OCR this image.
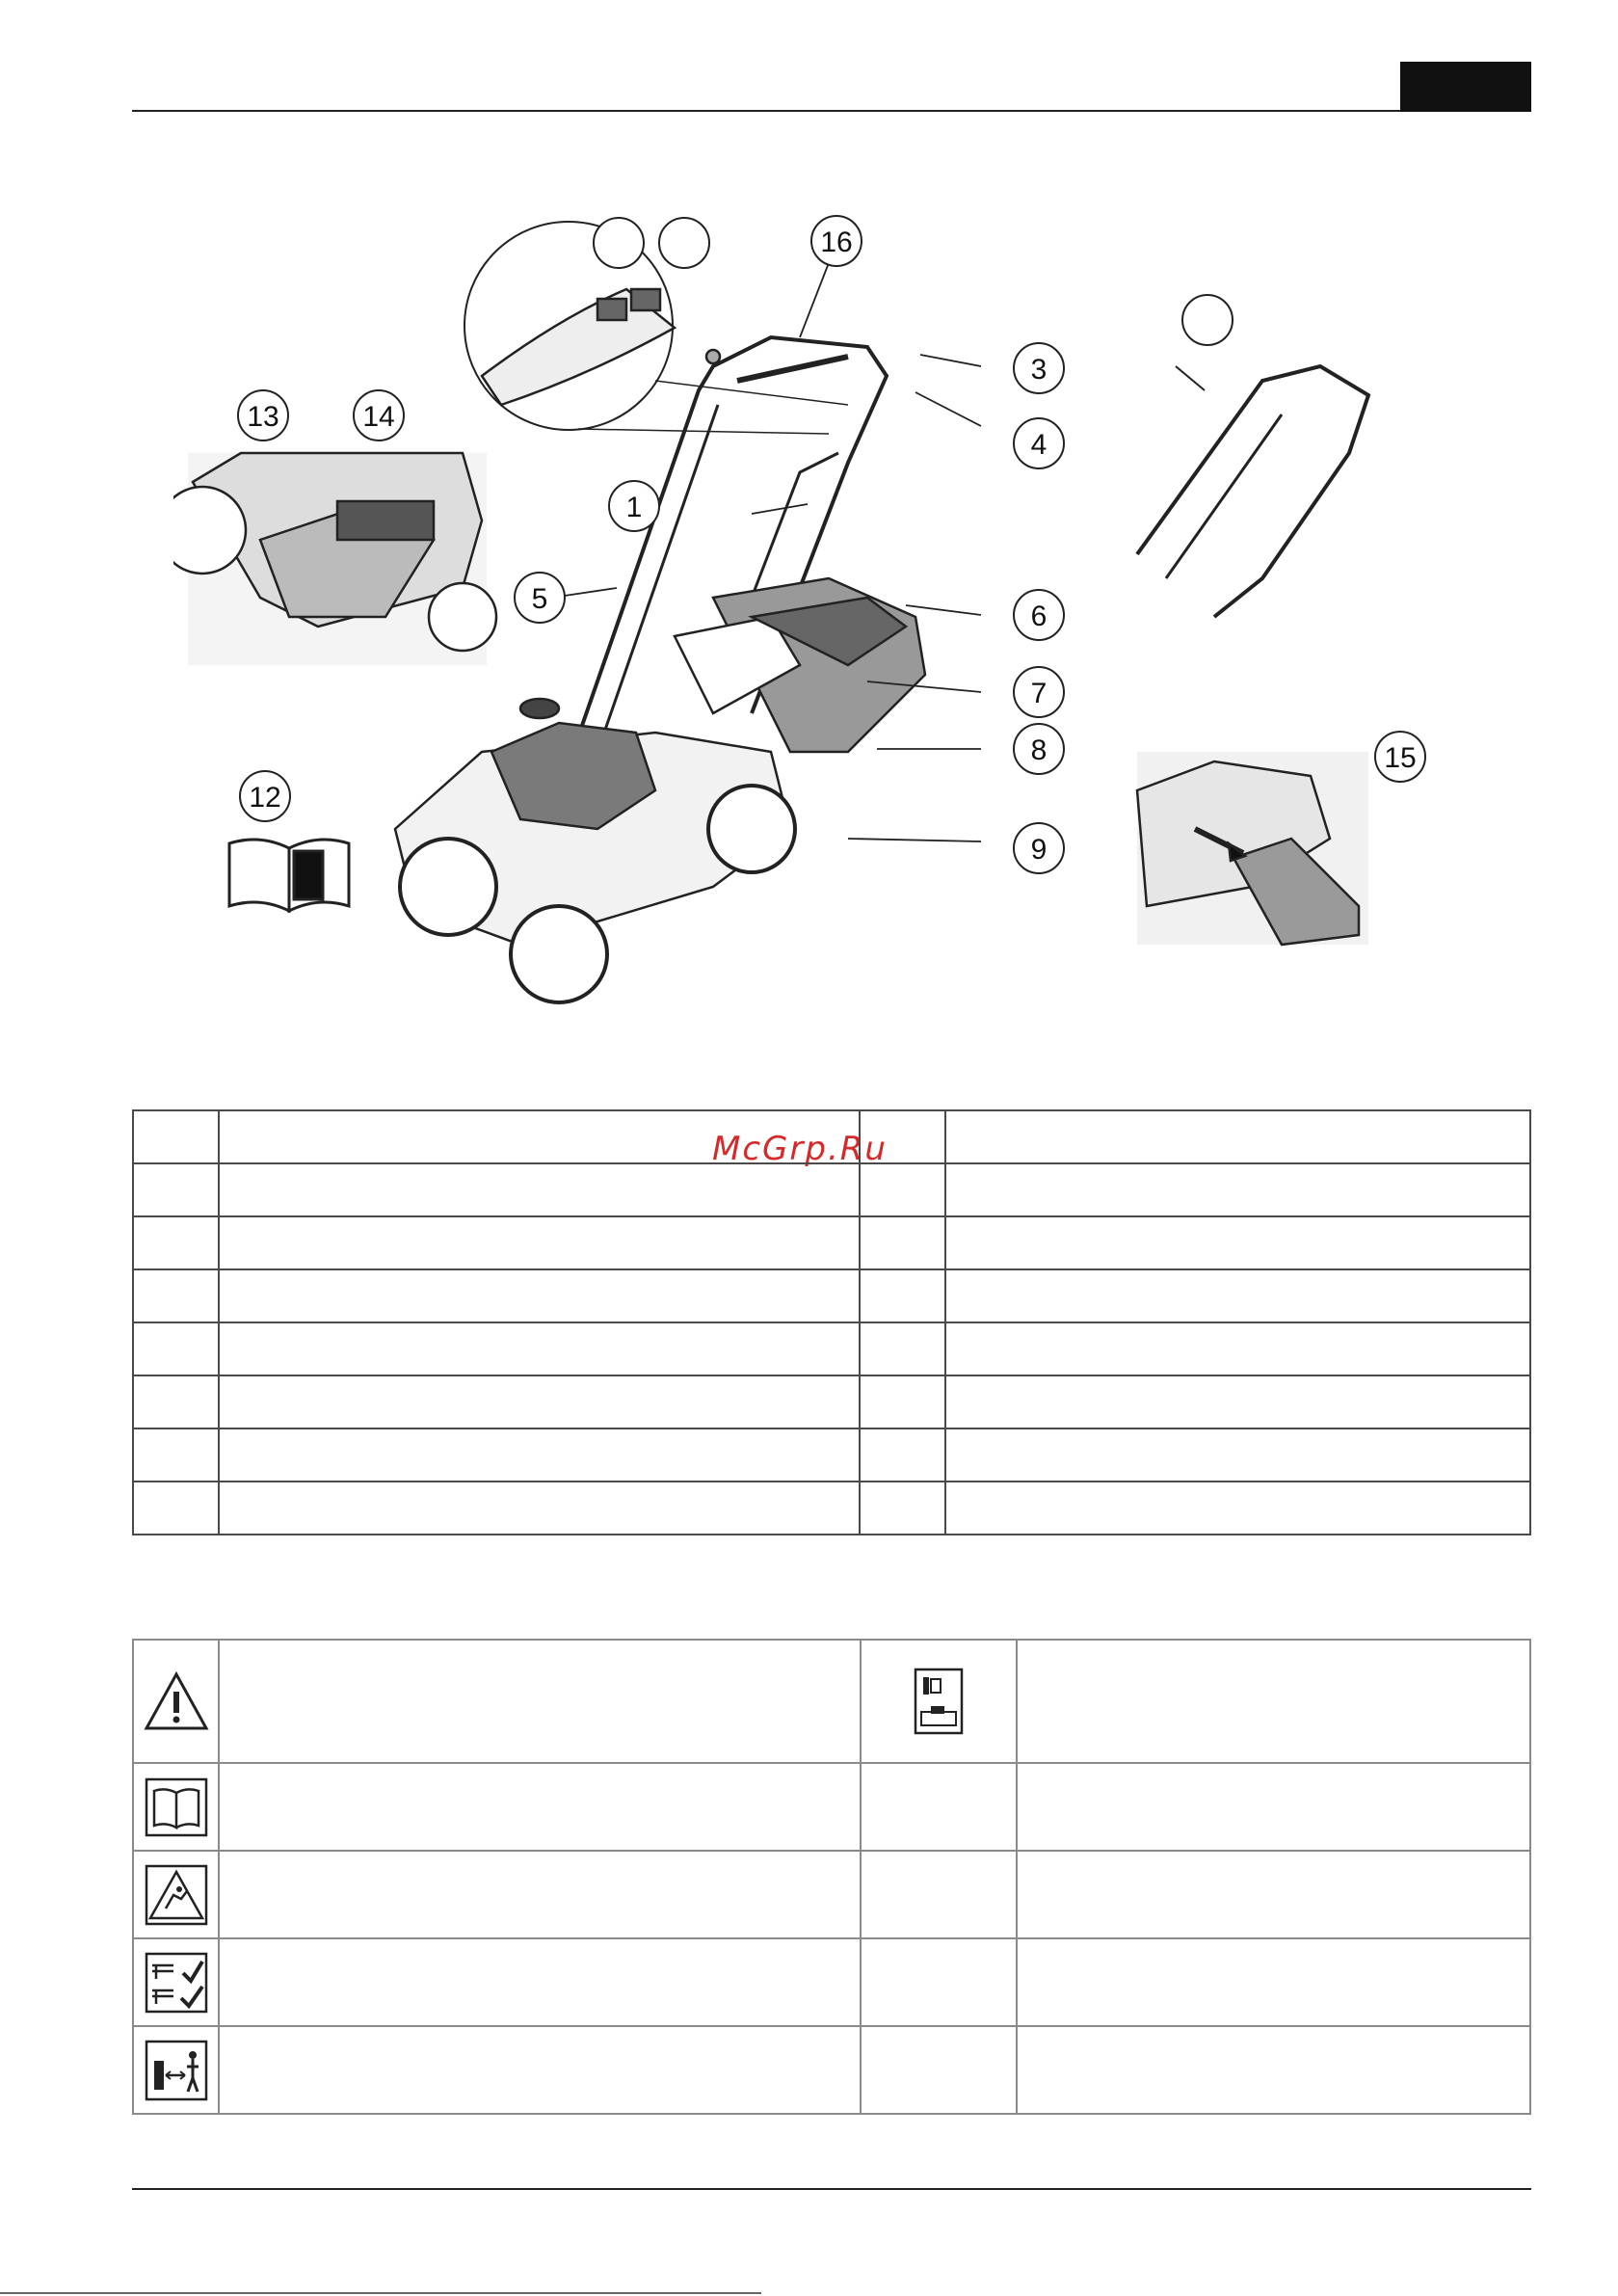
1
3
4
5
6
7
8
9
12
13	14
15
16
McGrp.Ru
